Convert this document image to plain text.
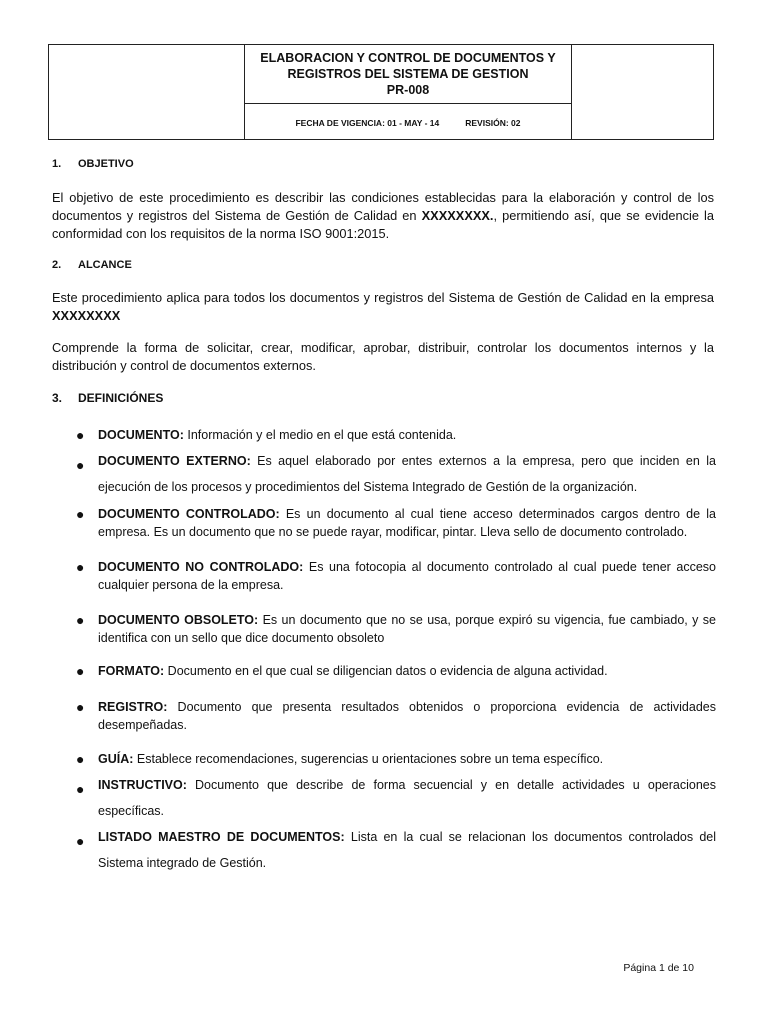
ELABORACION Y CONTROL DE DOCUMENTOS Y
REGISTROS DEL SISTEMA DE GESTION
PR-008
FECHA DE VIGENCIA: 01 - MAY - 14	REVISIÓN: 02
1. OBJETIVO
El objetivo de este procedimiento es describir las condiciones establecidas para la elaboración y control de los documentos y registros del Sistema de Gestión de Calidad en XXXXXXXX., permitiendo así, que se evidencie la conformidad con los requisitos de la norma ISO 9001:2015.
2. ALCANCE
Este procedimiento aplica para todos los documentos y registros del Sistema de Gestión de Calidad en la empresa XXXXXXXX
Comprende la forma de solicitar, crear, modificar, aprobar, distribuir, controlar los documentos internos y la distribución y control de documentos externos.
3. DEFINICIÓNES
● DOCUMENTO: Información y el medio en el que está contenida.
● DOCUMENTO EXTERNO: Es aquel elaborado por entes externos a la empresa, pero que inciden en la ejecución de los procesos y procedimientos del Sistema Integrado de Gestión de la organización.
● DOCUMENTO CONTROLADO: Es un documento al cual tiene acceso determinados cargos dentro de la empresa. Es un documento que no se puede rayar, modificar, pintar. Lleva sello de documento controlado.
● DOCUMENTO NO CONTROLADO: Es una fotocopia al documento controlado al cual puede tener acceso cualquier persona de la empresa.
● DOCUMENTO OBSOLETO: Es un documento que no se usa, porque expiró su vigencia, fue cambiado, y se identifica con un sello que dice documento obsoleto
● FORMATO: Documento en el que cual se diligencian datos o evidencia de alguna actividad.
● REGISTRO: Documento que presenta resultados obtenidos o proporciona evidencia de actividades desempeñadas.
● GUÍA: Establece recomendaciones, sugerencias u orientaciones sobre un tema específico.
● INSTRUCTIVO: Documento que describe de forma secuencial y en detalle actividades u operaciones específicas.
● LISTADO MAESTRO DE DOCUMENTOS: Lista en la cual se relacionan los documentos controlados del Sistema integrado de Gestión.
Página 1 de 10
